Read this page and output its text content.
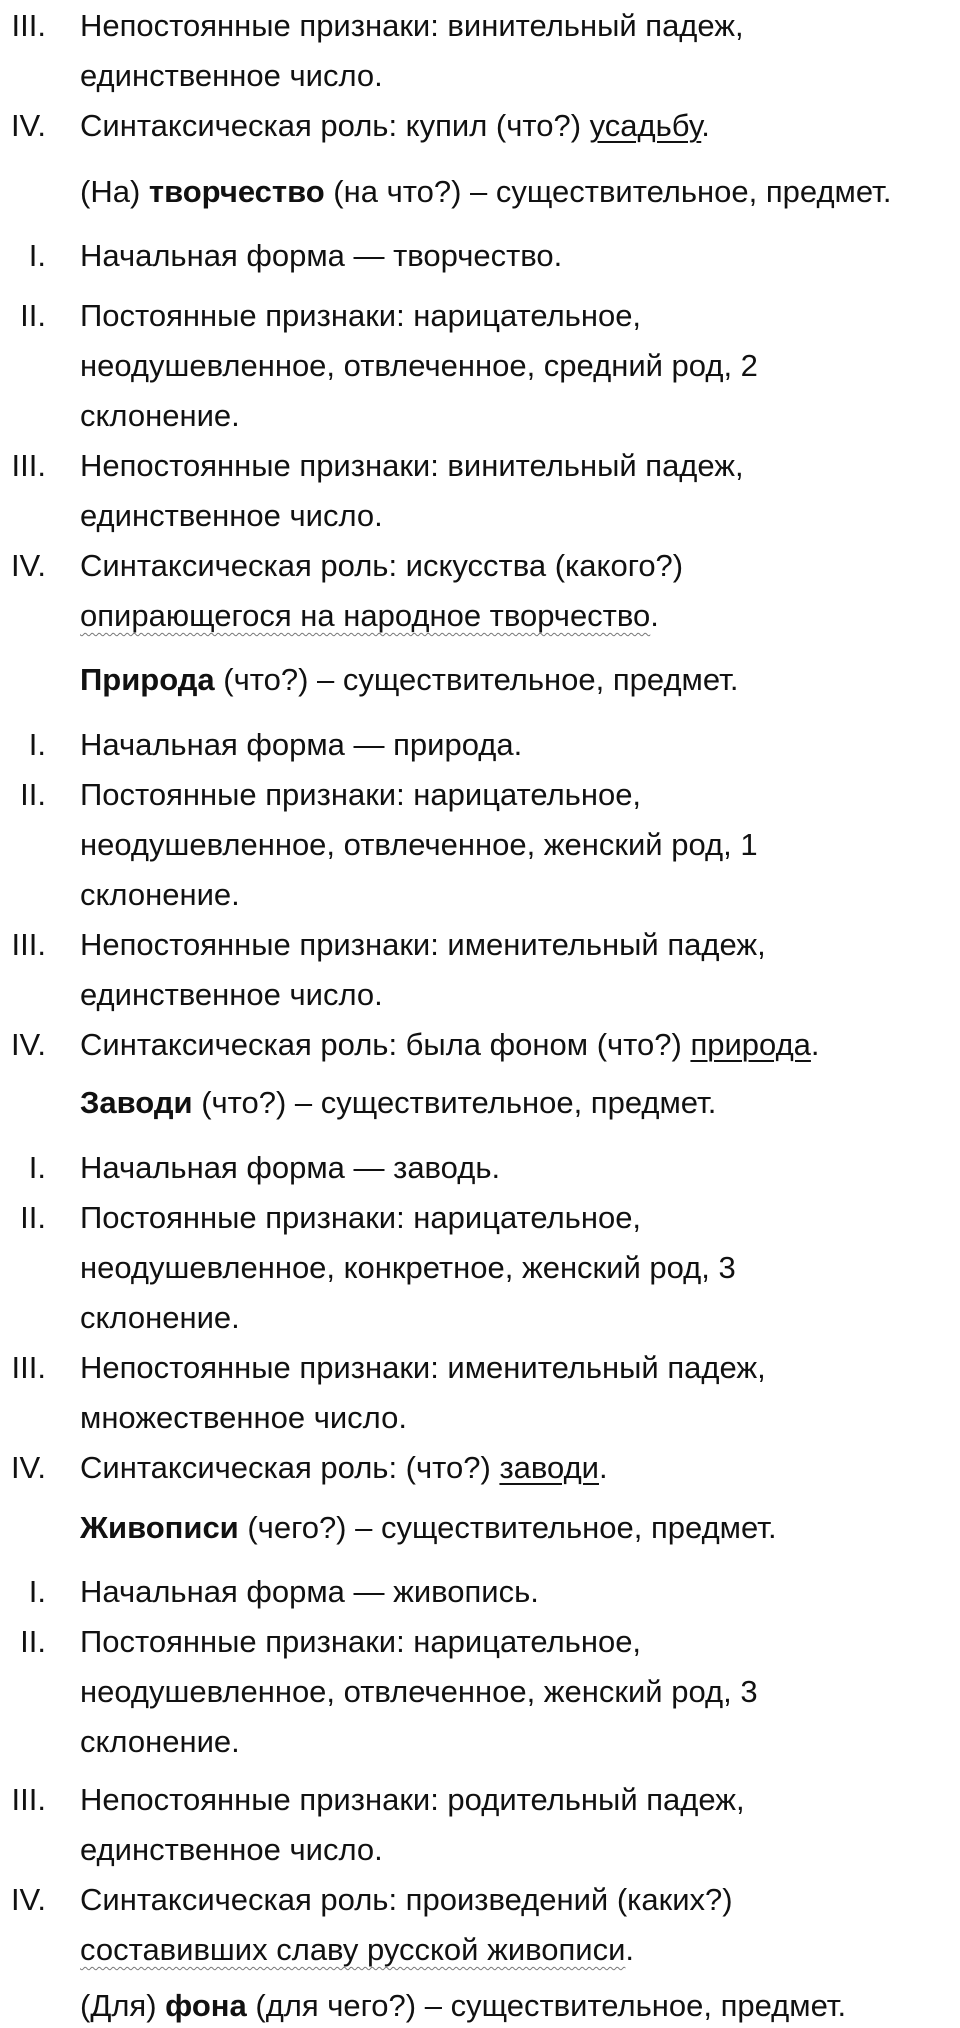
III. Непостоянные признаки: винительный падеж,
единственное число.
IV. Синтаксическая роль: купил (что?) усадьбу.
(На) творчество (на что?) – существительное, предмет.
I. Начальная форма — творчество.
II. Постоянные признаки: нарицательное,
неодушевленное, отвлеченное, средний род, 2
склонение.
III. Непостоянные признаки: винительный падеж,
единственное число.
IV. Синтаксическая роль: искусства (какого?)
опирающегося на народное творчество.
Природа (что?) – существительное, предмет.
I. Начальная форма — природа.
II. Постоянные признаки: нарицательное,
неодушевленное, отвлеченное, женский род, 1
склонение.
III. Непостоянные признаки: именительный падеж,
единственное число.
IV. Синтаксическая роль: была фоном (что?) природа.
Заводи (что?) – существительное, предмет.
I. Начальная форма — заводь.
II. Постоянные признаки: нарицательное,
неодушевленное, конкретное, женский род, 3
склонение.
III. Непостоянные признаки: именительный падеж,
множественное число.
IV. Синтаксическая роль: (что?) заводи.
Живописи (чего?) – существительное, предмет.
I. Начальная форма — живопись.
II. Постоянные признаки: нарицательное,
неодушевленное, отвлеченное, женский род, 3
склонение.
III. Непостоянные признаки: родительный падеж,
единственное число.
IV. Синтаксическая роль: произведений (каких?)
составивших славу русской живописи.
(Для) фона (для чего?) – существительное, предмет.
